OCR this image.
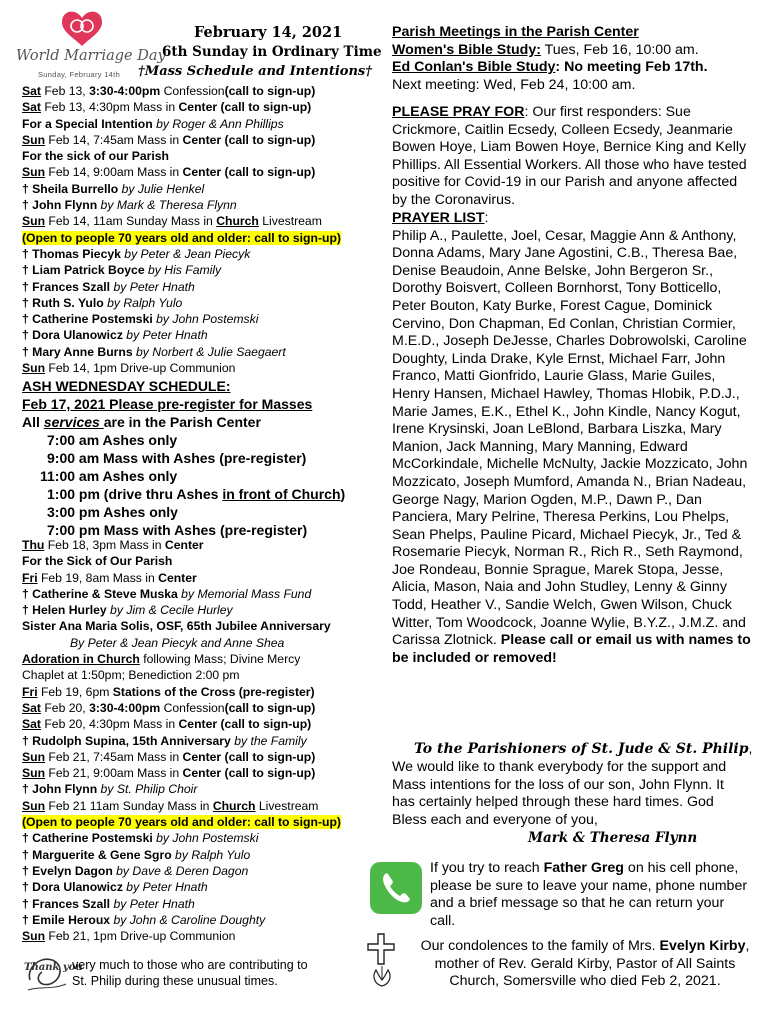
World Marriage Day
Sunday, February 14th
February 14, 2021
6th Sunday in Ordinary Time
†Mass Schedule and Intentions†
Sat Feb 13, 3:30-4:00pm Confession(call to sign-up)
Sat Feb 13, 4:30pm Mass in Center (call to sign-up)
For a Special Intention by Roger & Ann Phillips
Sun Feb 14, 7:45am Mass in Center (call to sign-up)
For the sick of our Parish
Sun Feb 14, 9:00am Mass in Center (call to sign-up)
† Sheila Burrello by Julie Henkel
† John Flynn by Mark & Theresa Flynn
Sun Feb 14, 11am Sunday Mass in Church Livestream
(Open to people 70 years old and older: call to sign-up)
† Thomas Piecyk by Peter & Jean Piecyk
† Liam Patrick Boyce by His Family
† Frances Szall by Peter Hnath
† Ruth S. Yulo by Ralph Yulo
† Catherine Postemski by John Postemski
† Dora Ulanowicz by Peter Hnath
† Mary Anne Burns by Norbert & Julie Saegaert
Sun Feb 14, 1pm Drive-up Communion
ASH WEDNESDAY SCHEDULE:
Feb 17, 2021 Please pre-register for Masses
All services are in the Parish Center
7:00 am Ashes only
9:00 am Mass with Ashes (pre-register)
11:00 am Ashes only
1:00 pm (drive thru Ashes in front of Church)
3:00 pm Ashes only
7:00 pm Mass with Ashes (pre-register)
Thu Feb 18, 3pm Mass in Center
For the Sick of Our Parish
Fri Feb 19, 8am Mass in Center
† Catherine & Steve Muska by Memorial Mass Fund
† Helen Hurley by Jim & Cecile Hurley
Sister Ana Maria Solis, OSF, 65th Jubilee Anniversary
By Peter & Jean Piecyk and Anne Shea
Adoration in Church following Mass; Divine Mercy
Chaplet at 1:50pm; Benediction 2:00 pm
Fri Feb 19, 6pm Stations of the Cross (pre-register)
Sat Feb 20, 3:30-4:00pm Confession(call to sign-up)
Sat Feb 20, 4:30pm Mass in Center (call to sign-up)
† Rudolph Supina, 15th Anniversary by the Family
Sun Feb 21, 7:45am Mass in Center (call to sign-up)
Sun Feb 21, 9:00am Mass in Center (call to sign-up)
† John Flynn by St. Philip Choir
Sun Feb 21 11am Sunday Mass in Church Livestream
(Open to people 70 years old and older: call to sign-up)
† Catherine Postemski by John Postemski
† Marguerite & Gene Sgro by Ralph Yulo
† Evelyn Dagon by Dave & Deren Dagon
† Dora Ulanowicz by Peter Hnath
† Frances Szall by Peter Hnath
† Emile Heroux by John & Caroline Doughty
Sun Feb 21, 1pm Drive-up Communion
Thank you
very much to those who are contributing to
St. Philip during these unusual times.
Parish Meetings in the Parish Center
Women's Bible Study: Tues, Feb 16, 10:00 am.
Ed Conlan's Bible Study: No meeting Feb 17th.
Next meeting: Wed, Feb 24, 10:00 am.
PLEASE PRAY FOR: Our first responders: Sue Crickmore, Caitlin Ecsedy, Colleen Ecsedy, Jeanmarie Bowen Hoye, Liam Bowen Hoye, Bernice King and Kelly Phillips. All Essential Workers. All those who have tested positive for Covid-19 in our Parish and anyone affected by the Coronavirus.
PRAYER LIST:
Philip A., Paulette, Joel, Cesar, Maggie Ann & Anthony, Donna Adams, Mary Jane Agostini, C.B., Theresa Bae, Denise Beaudoin, Anne Belske, John Bergeron Sr., Dorothy Boisvert, Colleen Bornhorst, Tony Botticello, Peter Bouton, Katy Burke, Forest Cague, Dominick Cervino, Don Chapman, Ed Conlan, Christian Cormier, M.E.D., Joseph DeJesse, Charles Dobrowolski, Caroline Doughty, Linda Drake, Kyle Ernst, Michael Farr, John Franco, Matti Gionfrido, Laurie Glass, Marie Guiles, Henry Hansen, Michael Hawley, Thomas Hlobik, P.D.J., Marie James, E.K., Ethel K., John Kindle, Nancy Kogut, Irene Krysinski, Joan LeBlond, Barbara Liszka, Mary Manion, Jack Manning, Mary Manning, Edward McCorkindale, Michelle McNulty, Jackie Mozzicato, John Mozzicato, Joseph Mumford, Amanda N., Brian Nadeau, George Nagy, Marion Ogden, M.P., Dawn P., Dan Panciera, Mary Pelrine, Theresa Perkins, Lou Phelps, Sean Phelps, Pauline Picard, Michael Piecyk, Jr., Ted & Rosemarie Piecyk, Norman R., Rich R., Seth Raymond, Joe Rondeau, Bonnie Sprague, Marek Stopa, Jesse, Alicia, Mason, Naia and John Studley, Lenny & Ginny Todd, Heather V., Sandie Welch, Gwen Wilson, Chuck Witter, Tom Woodcock, Joanne Wylie, B.Y.Z., J.M.Z. and Carissa Zlotnick. Please call or email us with names to be included or removed!
To the Parishioners of St. Jude & St. Philip,
We would like to thank everybody for the support and Mass intentions for the loss of our son, John Flynn. It has certainly helped through these hard times. God Bless each and everyone of you,
Mark & Theresa Flynn
If you try to reach Father Greg on his cell phone, please be sure to leave your name, phone number and a brief message so that he can return your call.
Our condolences to the family of Mrs. Evelyn Kirby, mother of Rev. Gerald Kirby, Pastor of All Saints Church, Somersville who died Feb 2, 2021.
